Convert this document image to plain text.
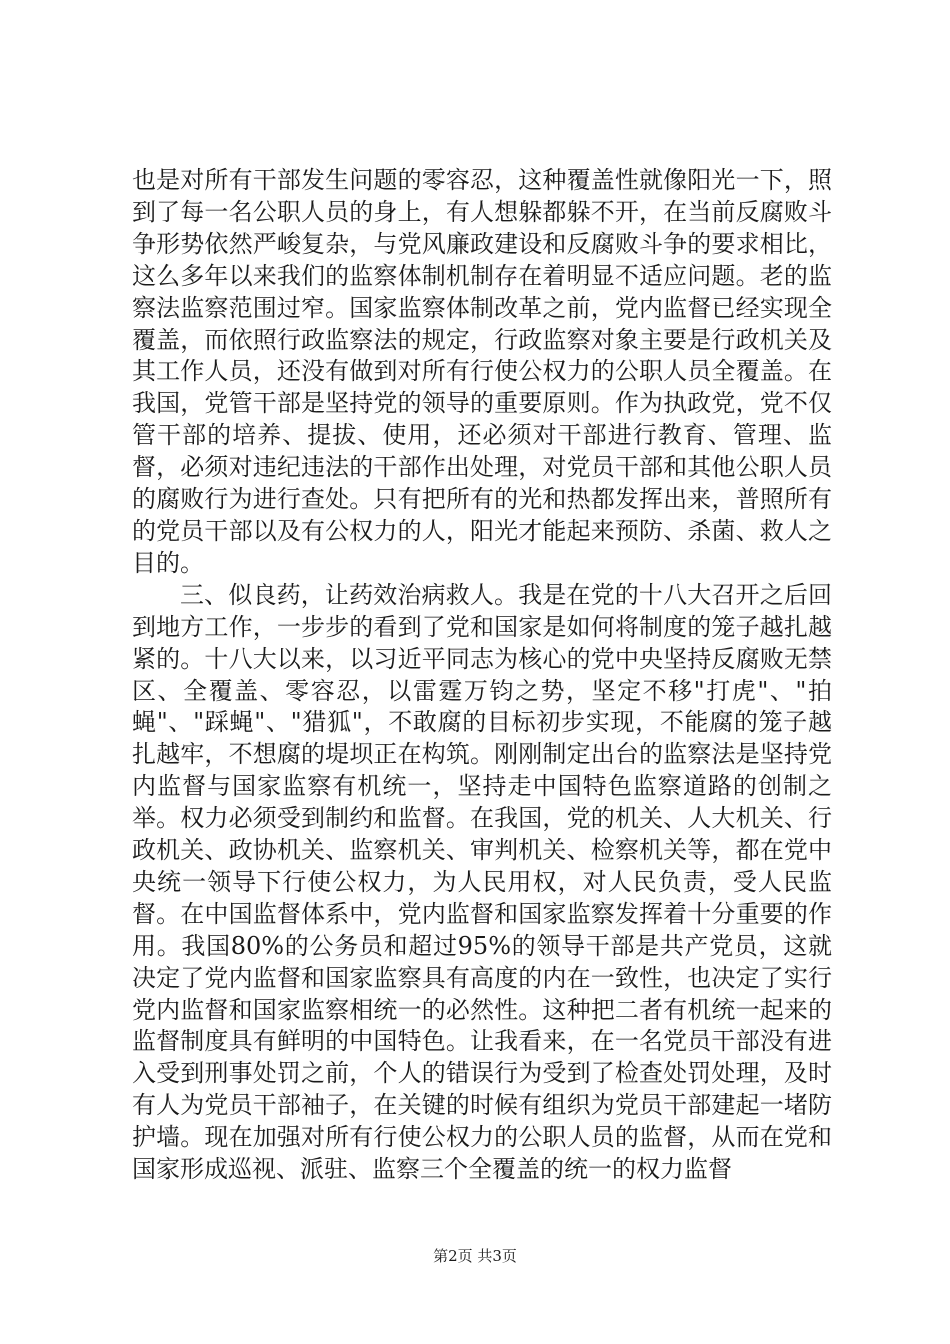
也是对所有干部发生问题的零容忍，这种覆盖性就像阳光一下，照到了每一名公职人员的身上，有人想躲都躲不开，在当前反腐败斗争形势依然严峻复杂，与党风廉政建设和反腐败斗争的要求相比，这么多年以来我们的监察体制机制存在着明显不适应问题。老的监察法监察范围过窄。国家监察体制改革之前，党内监督已经实现全覆盖，而依照行政监察法的规定，行政监察对象主要是行政机关及其工作人员，还没有做到对所有行使公权力的公职人员全覆盖。在我国，党管干部是坚持党的领导的重要原则。作为执政党，党不仅管干部的培养、提拔、使用，还必须对干部进行教育、管理、监督，必须对违纪违法的干部作出处理，对党员干部和其他公职人员的腐败行为进行查处。只有把所有的光和热都发挥出来，普照所有的党员干部以及有公权力的人，阳光才能起来预防、杀菌、救人之目的。

三、似良药，让药效治病救人。我是在党的十八大召开之后回到地方工作，一步步的看到了党和国家是如何将制度的笼子越扎越紧的。十八大以来，以习近平同志为核心的党中央坚持反腐败无禁区、全覆盖、零容忍，以雷霆万钧之势，坚定不移"打虎"、"拍蝇"、"踩蝇"、"猎狐"，不敢腐的目标初步实现，不能腐的笼子越扎越牢，不想腐的堤坝正在构筑。刚刚制定出台的监察法是坚持党内监督与国家监察有机统一，坚持走中国特色监察道路的创制之举。权力必须受到制约和监督。在我国，党的机关、人大机关、行政机关、政协机关、监察机关、审判机关、检察机关等，都在党中央统一领导下行使公权力，为人民用权，对人民负责，受人民监督。在中国监督体系中，党内监督和国家监察发挥着十分重要的作用。我国80%的公务员和超过95%的领导干部是共产党员，这就决定了党内监督和国家监察具有高度的内在一致性，也决定了实行党内监督和国家监察相统一的必然性。这种把二者有机统一起来的监督制度具有鲜明的中国特色。让我看来，在一名党员干部没有进入受到刑事处罚之前，个人的错误行为受到了检查处罚处理，及时有人为党员干部袖子，在关键的时候有组织为党员干部建起一堵防护墙。现在加强对所有行使公权力的公职人员的监督，从而在党和国家形成巡视、派驻、监察三个全覆盖的统一的权力监督

第2页 共3页
